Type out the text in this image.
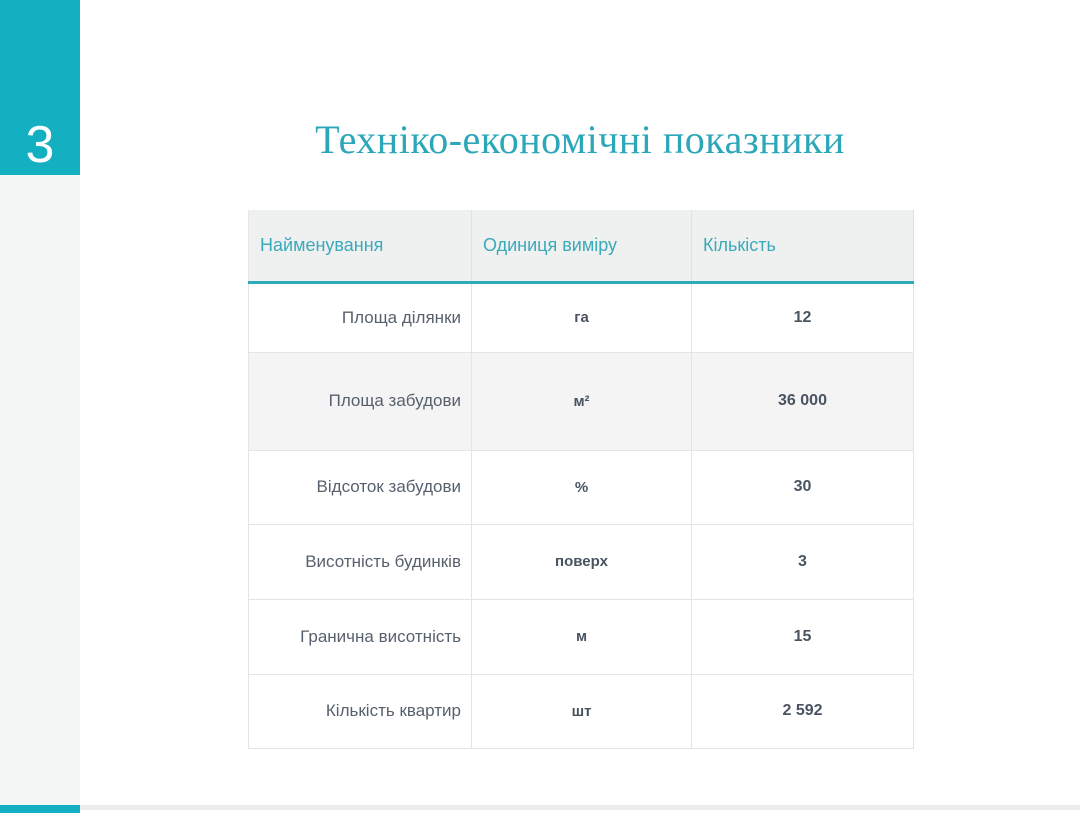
3	Техніко-економічні показники
Найменування	Одиниця виміру	Кількість
Площа ділянки	га	12
Площа забудови	м²	36 000
Відсоток забудови	%	30
Висотність будинків	поверх	3
Гранична висотність	м	15
Кількість квартир	шт	2 592
